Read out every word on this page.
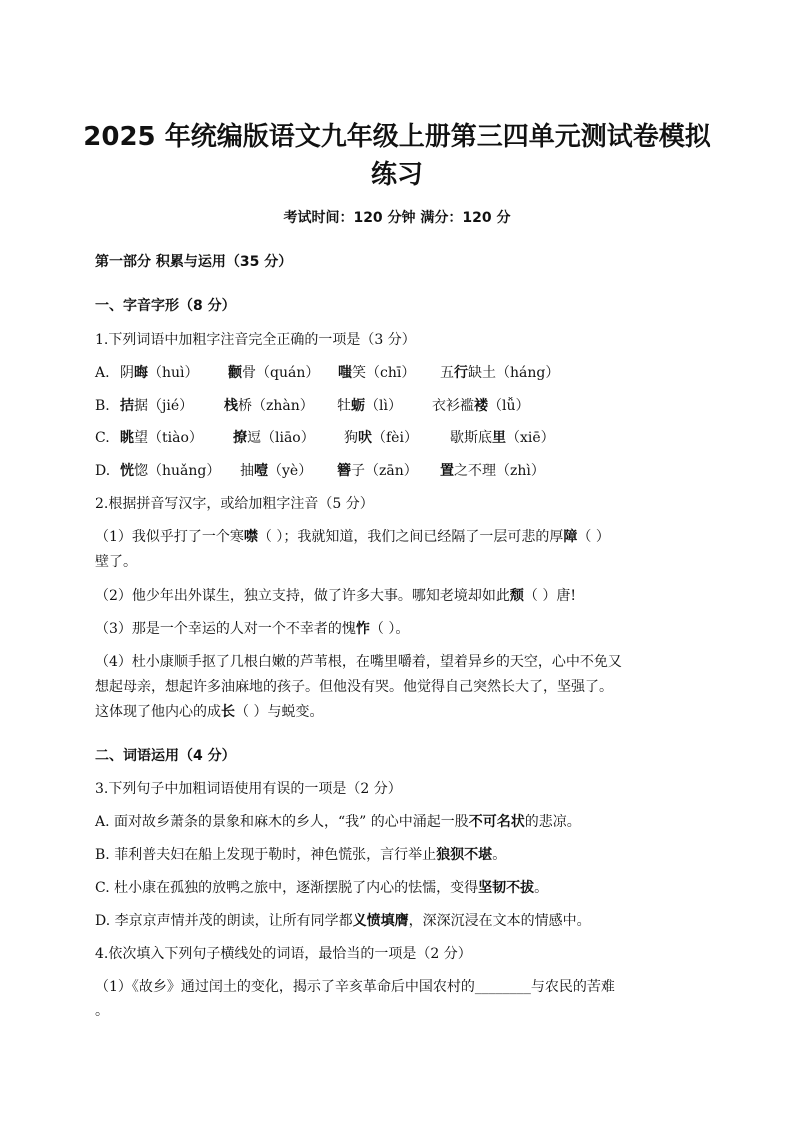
2025 年统编版语文九年级上册第三四单元测试卷模拟练习
考试时间：120 分钟 满分：120 分
第一部分 积累与运用（35 分）
一、字音字形（8 分）
1.下列词语中加粗字注音完全正确的一项是（3 分）
A. 阴晦（huì） 颧骨（quán） 嗤笑（chī） 五行缺土（háng）
B. 拮据（jié） 栈桥（zhàn） 牡蛎（lì） 衣衫褴褛（lǚ）
C. 眺望（tiào） 撩逗（liāo） 狗吠（fèi） 歇斯底里（xiē）
D. 恍惚（huǎng） 抽噎（yè） 簪子（zān） 置之不理（zhì）
2.根据拼音写汉字，或给加粗字注音（5 分）
（1）我似乎打了一个寒噤（ ）；我就知道，我们之间已经隔了一层可悲的厚障（ ）
壁了。
（2）他少年出外谋生，独立支持，做了许多大事。哪知老境却如此颓（ ）唐!
（3）那是一个幸运的人对一个不幸者的愧怍（ ）。
（4）杜小康顺手抠了几根白嫩的芦苇根，在嘴里嚼着，望着异乡的天空，心中不免又
想起母亲，想起许多油麻地的孩子。但他没有哭。他觉得自己突然长大了，坚强了。
这体现了他内心的成长（ ）与蜕变。
二、词语运用（4 分）
3.下列句子中加粗词语使用有误的一项是（2 分）
A. 面对故乡萧条的景象和麻木的乡人，“我” 的心中涌起一股不可名状的悲凉。
B. 菲利普夫妇在船上发现于勒时，神色慌张，言行举止狼狈不堪。
C. 杜小康在孤独的放鸭之旅中，逐渐摆脱了内心的怯懦，变得坚韧不拔。
D. 李京京声情并茂的朗读，让所有同学都义愤填膺，深深沉浸在文本的情感中。
4.依次填入下列句子横线处的词语，最恰当的一项是（2 分）
（1）《故乡》通过闰土的变化，揭示了辛亥革命后中国农村的________与农民的苦难
。
